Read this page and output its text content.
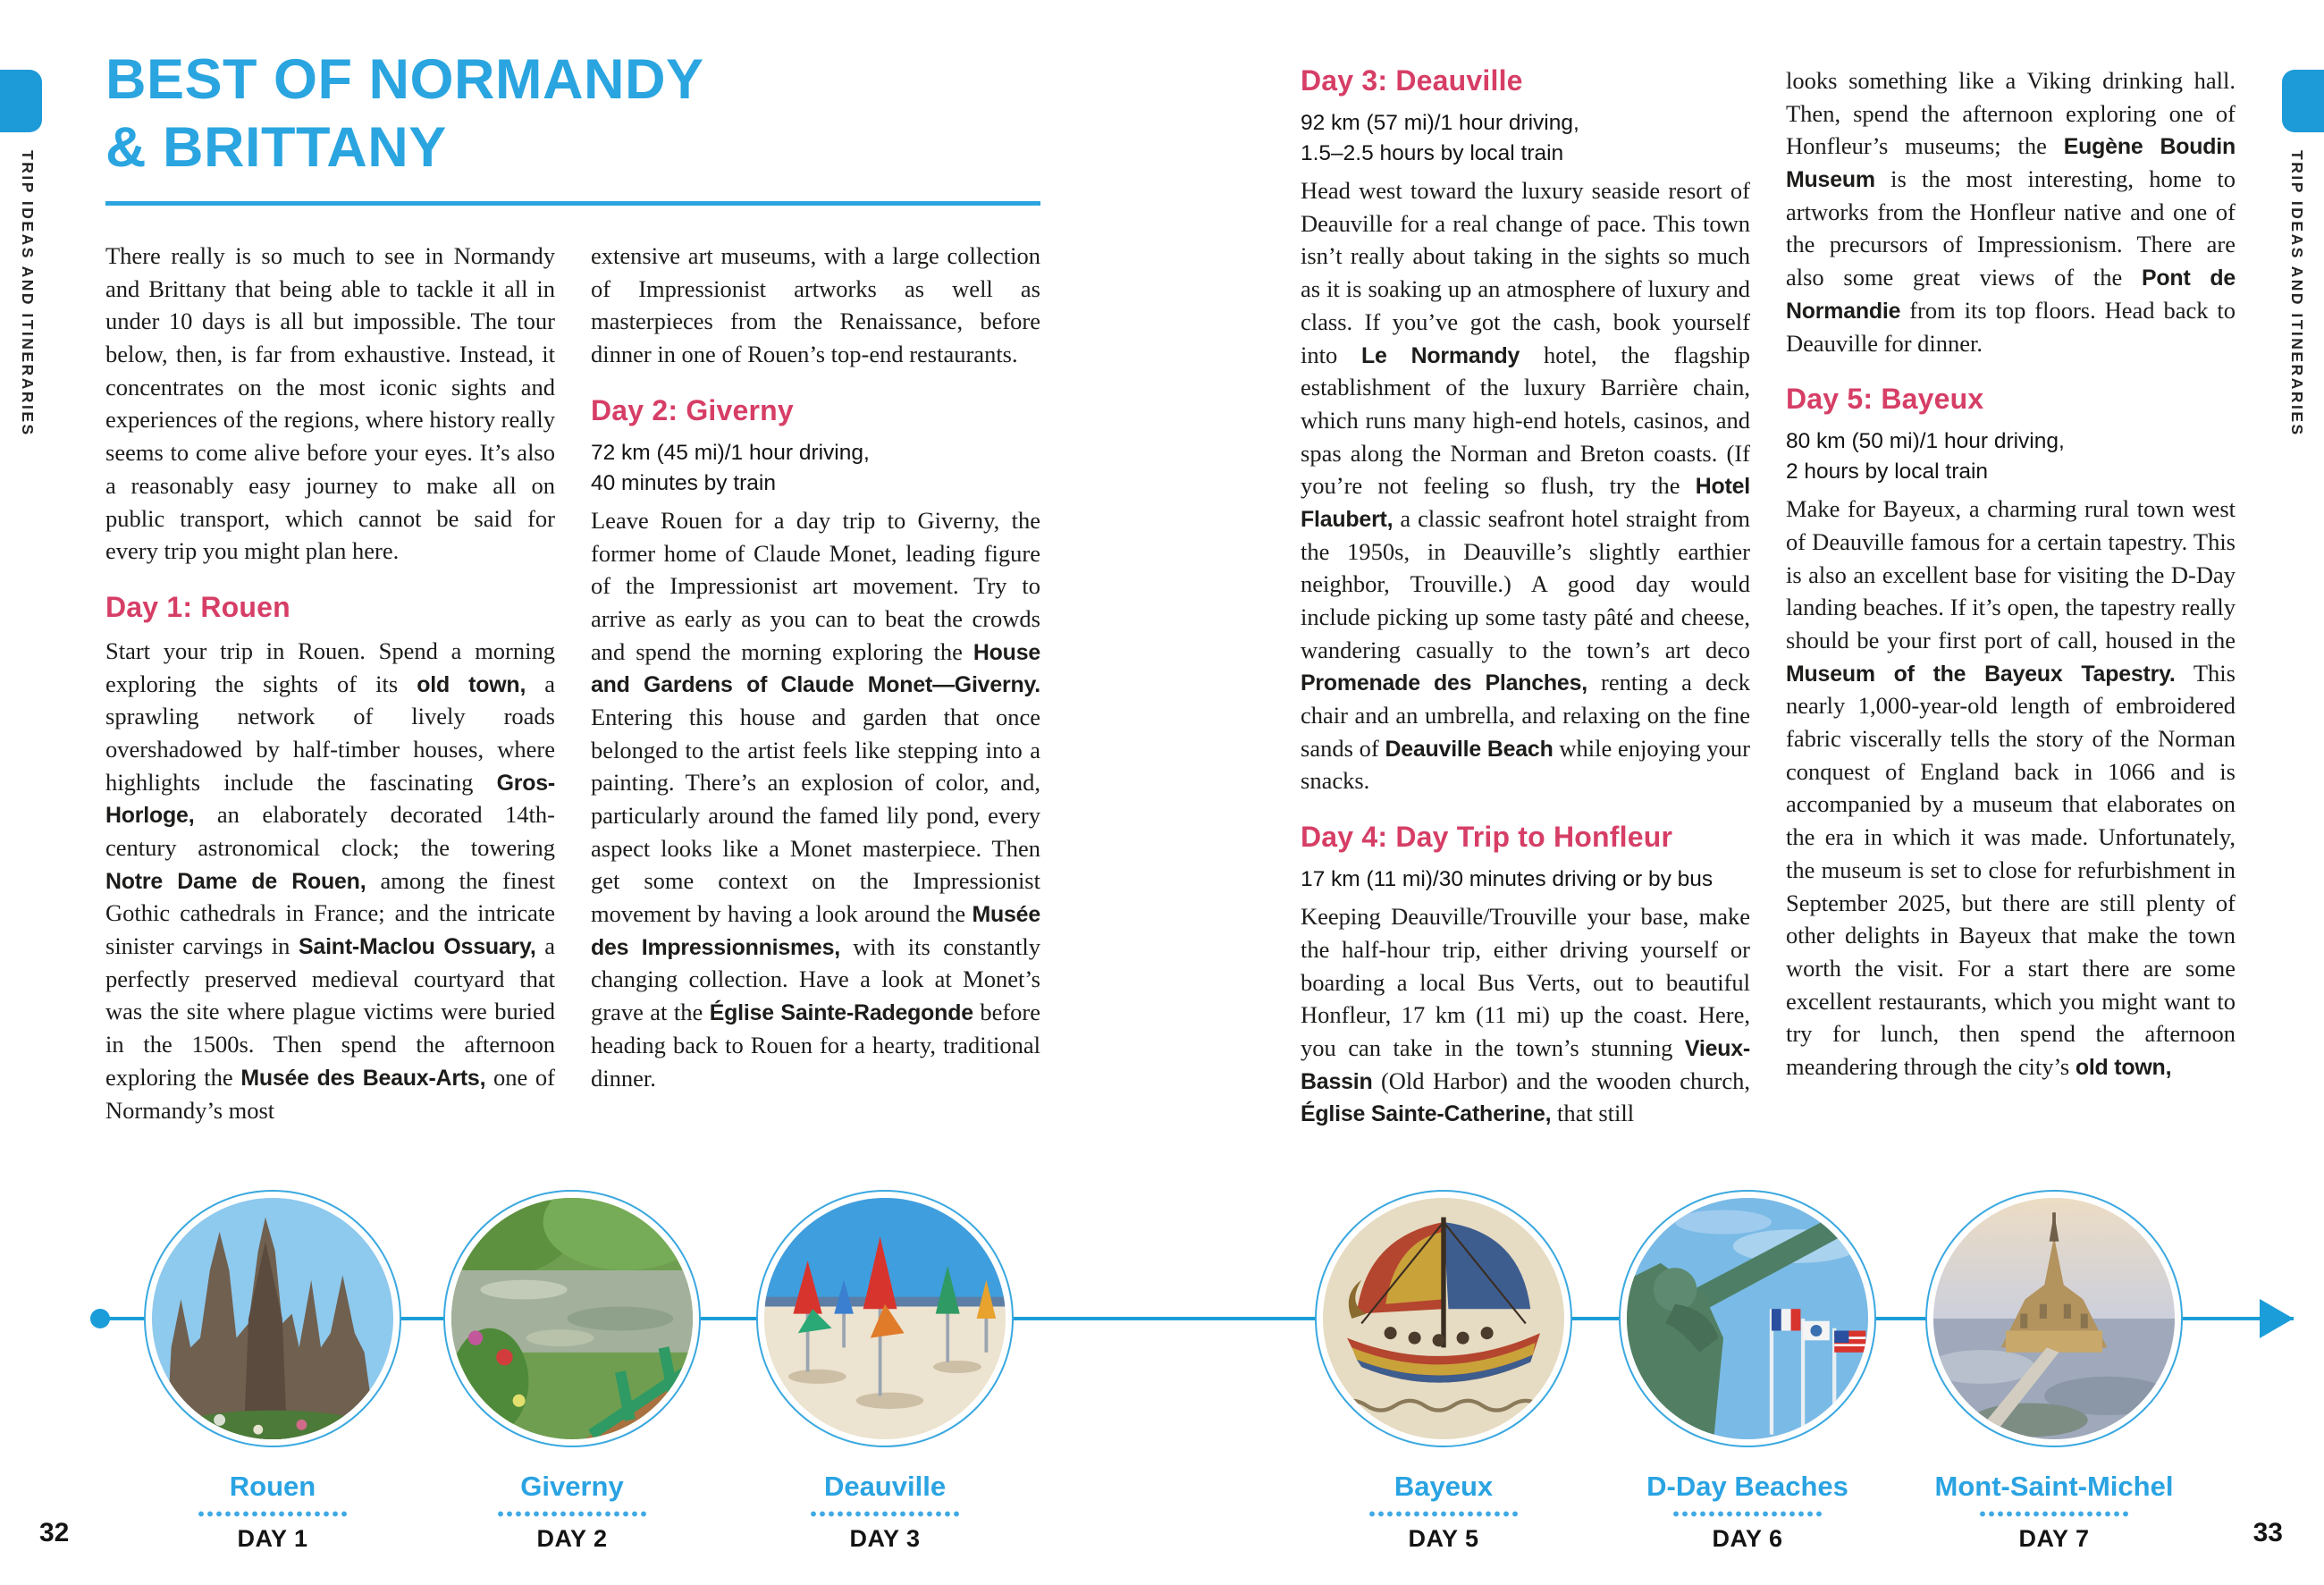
TRIP IDEAS AND ITINERARIES	TRIP IDEAS AND ITINERARIES
BEST OF NORMANDY
& BRITTANY

There really is so much to see in Normandy and Brittany that being able to tackle it all in under 10 days is all but impossible. The tour below, then, is far from exhaustive. Instead, it concentrates on the most iconic sights and experiences of the regions, where history really seems to come alive before your eyes. It’s also a reasonably easy journey to make all on public transport, which cannot be said for every trip you might plan here.

Day 1: Rouen

Start your trip in Rouen. Spend a morning exploring the sights of its old town, a sprawling network of lively roads overshadowed by half-timber houses, where highlights include the fascinating Gros-Horloge, an elaborately decorated 14th-century astronomical clock; the towering Notre Dame de Rouen, among the finest Gothic cathedrals in France; and the intricate sinister carvings in Saint-Maclou Ossuary, a perfectly preserved medieval courtyard that was the site where plague victims were buried in the 1500s. Then spend the afternoon exploring the Musée des Beaux-Arts, one of Normandy’s most

extensive art museums, with a large collection of Impressionist artworks as well as masterpieces from the Renaissance, before dinner in one of Rouen’s top-end restaurants.

Day 2: Giverny
72 km (45 mi)/1 hour driving,
40 minutes by train

Leave Rouen for a day trip to Giverny, the former home of Claude Monet, leading figure of the Impressionist art movement. Try to arrive as early as you can to beat the crowds and spend the morning exploring the House and Gardens of Claude Monet—Giverny. Entering this house and garden that once belonged to the artist feels like stepping into a painting. There’s an explosion of color, and, particularly around the famed lily pond, every aspect looks like a Monet masterpiece. Then get some context on the Impressionist movement by having a look around the Musée des Impressionnismes, with its constantly changing collection. Have a look at Monet’s grave at the Église Sainte-Radegonde before heading back to Rouen for a hearty, traditional dinner.

Day 3: Deauville
92 km (57 mi)/1 hour driving,
1.5–2.5 hours by local train

Head west toward the luxury seaside resort of Deauville for a real change of pace. This town isn’t really about taking in the sights so much as it is soaking up an atmosphere of luxury and class. If you’ve got the cash, book yourself into Le Normandy hotel, the flagship establishment of the luxury Barrière chain, which runs many high-end hotels, casinos, and spas along the Norman and Breton coasts. (If you’re not feeling so flush, try the Hotel Flaubert, a classic seafront hotel straight from the 1950s, in Deauville’s slightly earthier neighbor, Trouville.) A good day would include picking up some tasty pâté and cheese, wandering casually to the town’s art deco Promenade des Planches, renting a deck chair and an umbrella, and relaxing on the fine sands of Deauville Beach while enjoying your snacks.

Day 4: Day Trip to Honfleur
17 km (11 mi)/30 minutes driving or by bus

Keeping Deauville/Trouville your base, make the half-hour trip, either driving yourself or boarding a local Bus Verts, out to beautiful Honfleur, 17 km (11 mi) up the coast. Here, you can take in the town’s stunning Vieux-Bassin (Old Harbor) and the wooden church, Église Sainte-Catherine, that still

looks something like a Viking drinking hall. Then, spend the afternoon exploring one of Honfleur’s museums; the Eugène Boudin Museum is the most interesting, home to artworks from the Honfleur native and one of the precursors of Impressionism. There are also some great views of the Pont de Normandie from its top floors. Head back to Deauville for dinner.

Day 5: Bayeux
80 km (50 mi)/1 hour driving,
2 hours by local train

Make for Bayeux, a charming rural town west of Deauville famous for a certain tapestry. This is also an excellent base for visiting the D-Day landing beaches. If it’s open, the tapestry really should be your first port of call, housed in the Museum of the Bayeux Tapestry. This nearly 1,000-year-old length of embroidered fabric viscerally tells the story of the Norman conquest of England back in 1066 and is accompanied by a museum that elaborates on the era in which it was made. Unfortunately, the museum is set to close for refurbishment in September 2025, but there are still plenty of other delights in Bayeux that make the town worth the visit. For a start there are some excellent restaurants, which you might want to try for lunch, then spend the afternoon meandering through the city’s old town,

Rouen
DAY 1
Giverny
DAY 2
Deauville
DAY 3
Bayeux
DAY 5
D-Day Beaches
DAY 6
Mont-Saint-Michel
DAY 7
32	33
